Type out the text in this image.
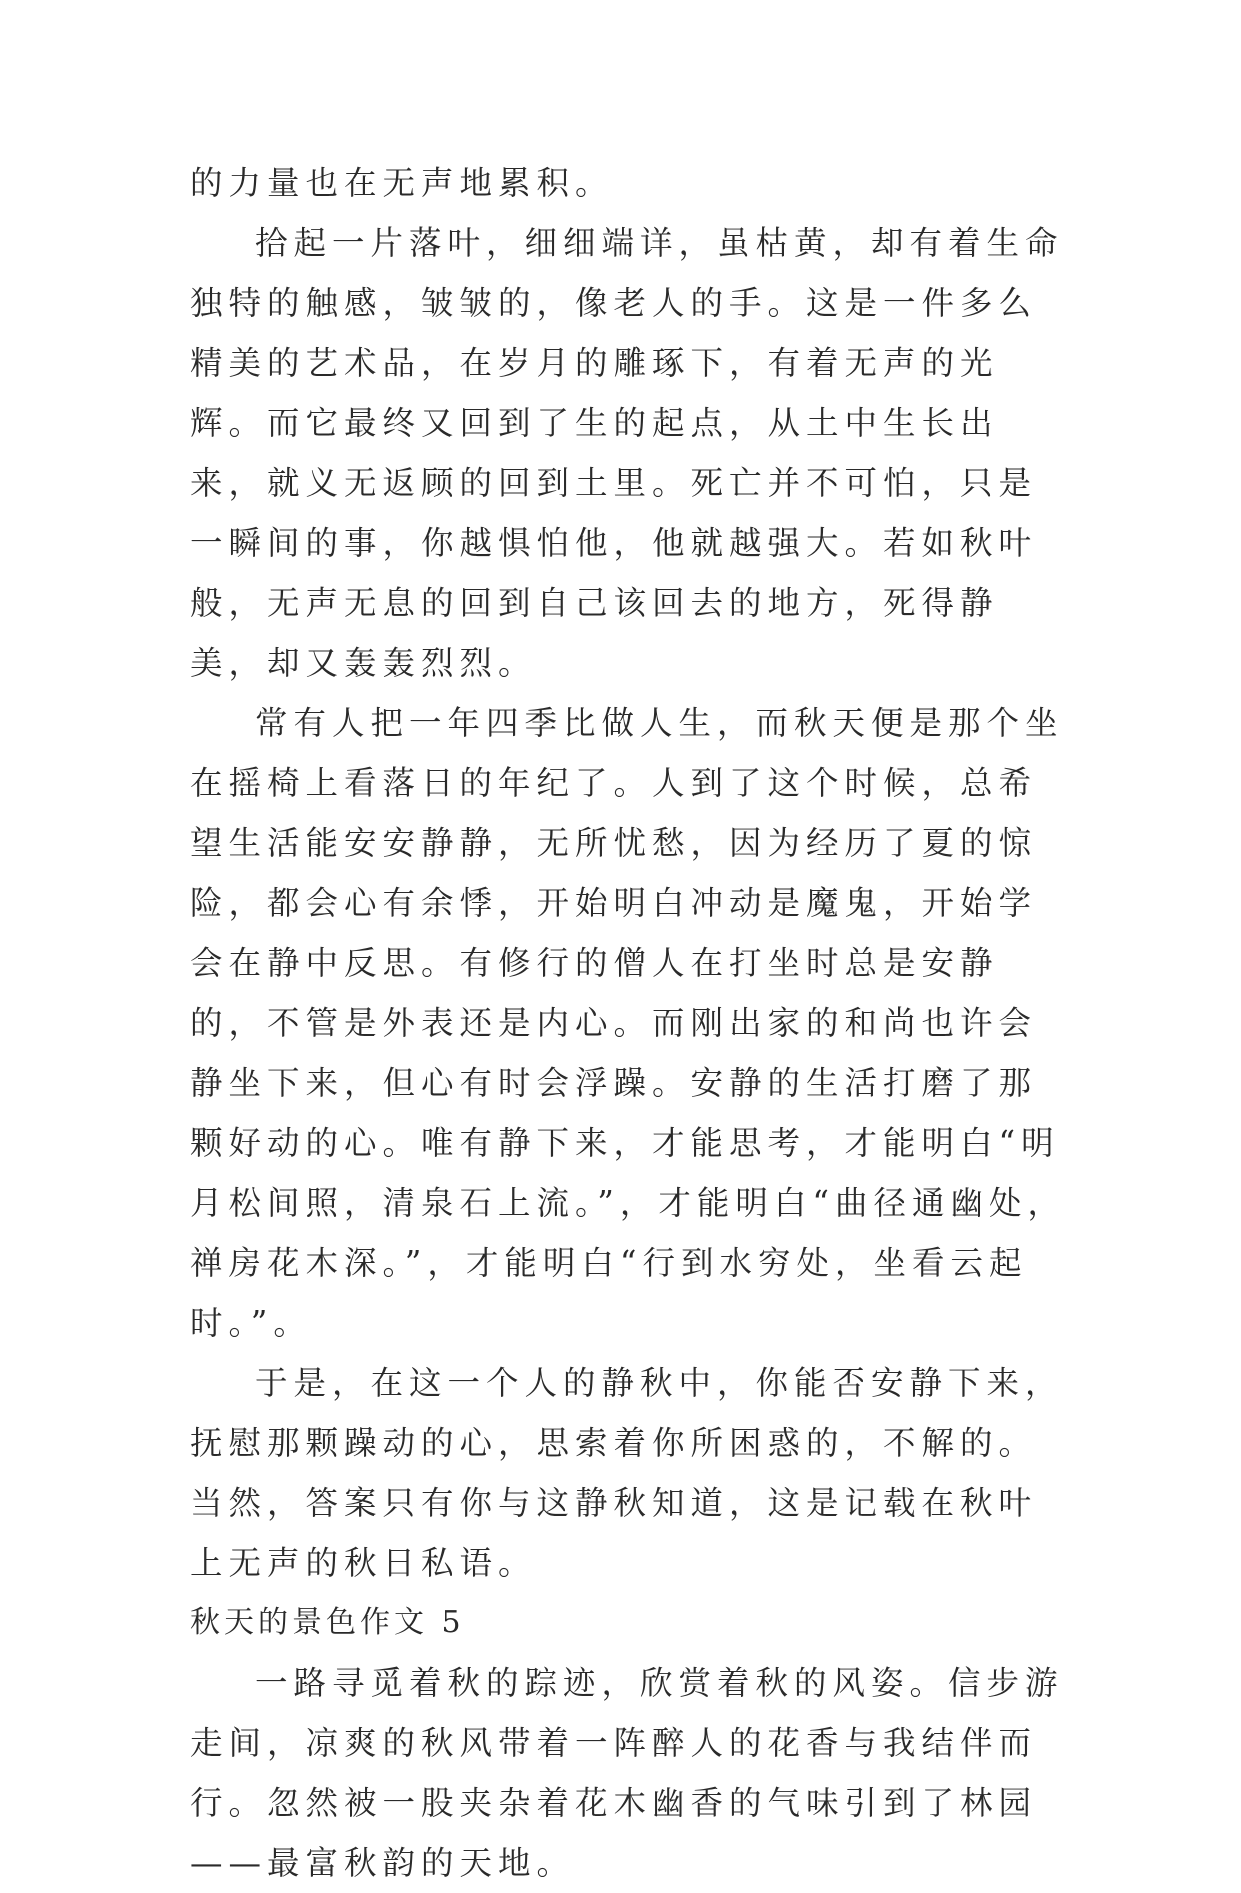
的力量也在无声地累积。

拾起一片落叶，细细端详，虽枯黄，却有着生命独特的触感，皱皱的，像老人的手。这是一件多么精美的艺术品，在岁月的雕琢下，有着无声的光辉。而它最终又回到了生的起点，从土中生长出来，就义无返顾的回到土里。死亡并不可怕，只是一瞬间的事，你越惧怕他，他就越强大。若如秋叶般，无声无息的回到自己该回去的地方，死得静美，却又轰轰烈烈。

常有人把一年四季比做人生，而秋天便是那个坐在摇椅上看落日的年纪了。人到了这个时候，总希望生活能安安静静，无所忧愁，因为经历了夏的惊险，都会心有余悸，开始明白冲动是魔鬼，开始学会在静中反思。有修行的僧人在打坐时总是安静的，不管是外表还是内心。而刚出家的和尚也许会静坐下来，但心有时会浮躁。安静的生活打磨了那颗好动的心。唯有静下来，才能思考，才能明白“明月松间照，清泉石上流。”，才能明白“曲径通幽处，禅房花木深。”，才能明白“行到水穷处，坐看云起时。”。

于是，在这一个人的静秋中，你能否安静下来，抚慰那颗躁动的心，思索着你所困惑的，不解的。当然，答案只有你与这静秋知道，这是记载在秋叶上无声的秋日私语。

秋天的景色作文 5

一路寻觅着秋的踪迹，欣赏着秋的风姿。信步游走间，凉爽的秋风带着一阵醉人的花香与我结伴而行。忽然被一股夹杂着花木幽香的气味引到了林园——最富秋韵的天地。
